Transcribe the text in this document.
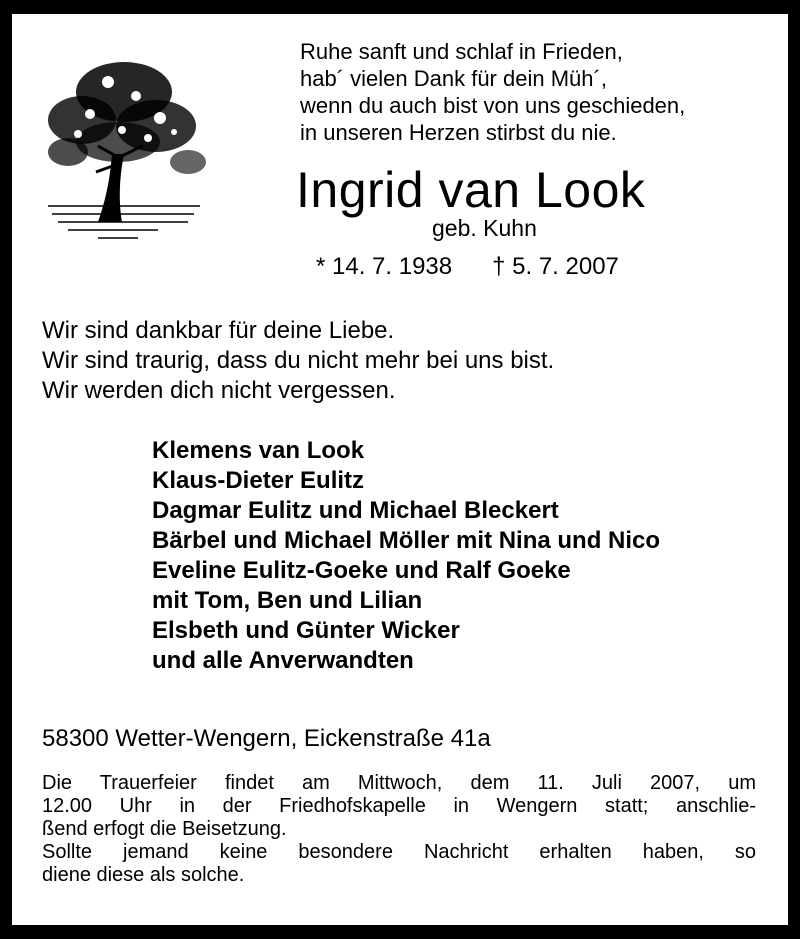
Ruhe sanft und schlaf in Frieden,
hab´ vielen Dank für dein Müh´,
wenn du auch bist von uns geschieden,
in unseren Herzen stirbst du nie.
Ingrid van Look
geb. Kuhn
* 14. 7. 1938 † 5. 7. 2007
Wir sind dankbar für deine Liebe.
Wir sind traurig, dass du nicht mehr bei uns bist.
Wir werden dich nicht vergessen.
Klemens van Look
Klaus-Dieter Eulitz
Dagmar Eulitz und Michael Bleckert
Bärbel und Michael Möller mit Nina und Nico
Eveline Eulitz-Goeke und Ralf Goeke
mit Tom, Ben und Lilian
Elsbeth und Günter Wicker
und alle Anverwandten
58300 Wetter-Wengern, Eickenstraße 41a
Die Trauerfeier findet am Mittwoch, dem 11. Juli 2007, um
12.00 Uhr in der Friedhofskapelle in Wengern statt; anschlie-
ßend erfogt die Beisetzung.
Sollte jemand keine besondere Nachricht erhalten haben, so
diene diese als solche.
